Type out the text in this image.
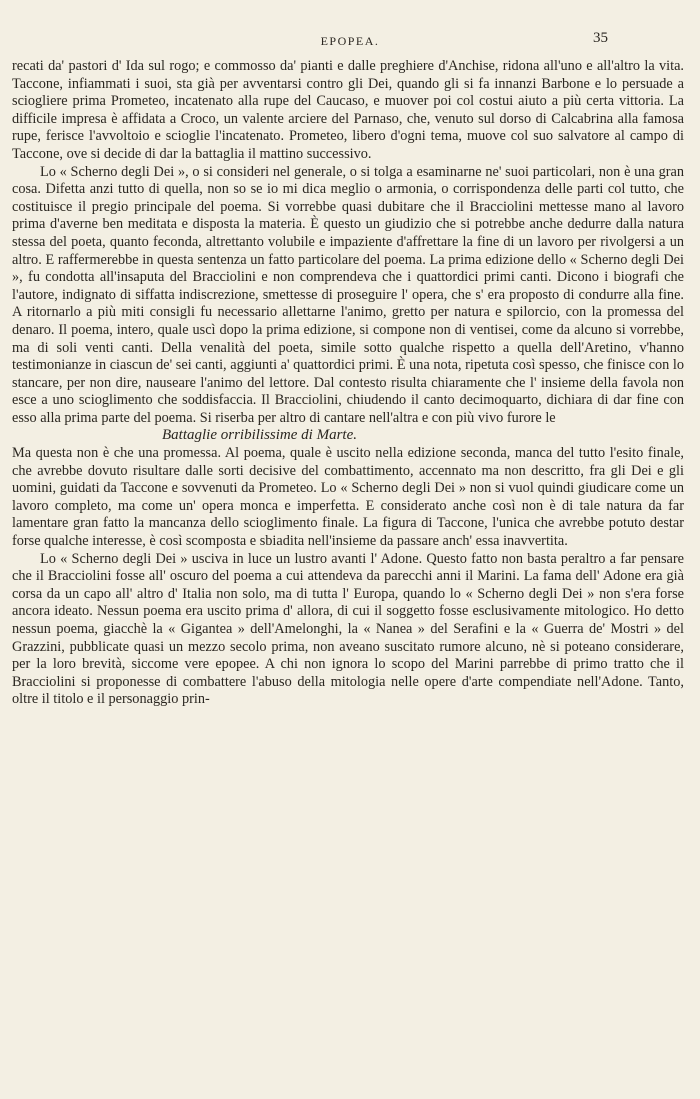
EPOPEA.	35

recati da' pastori d' Ida sul rogo; e commosso da' pianti e dalle preghiere d'Anchise, ridona all'uno e all'altro la vita. Taccone, infiammati i suoi, sta già per avventarsi contro gli Dei, quando gli si fa innanzi Barbone e lo persuade a sciogliere prima Prometeo, incatenato alla rupe del Caucaso, e muover poi col costui aiuto a più certa vittoria. La difficile impresa è affidata a Croco, un valente arciere del Parnaso, che, venuto sul dorso di Calcabrina alla famosa rupe, ferisce l'avvoltoio e scioglie l'incatenato. Prometeo, libero d'ogni tema, muove col suo salvatore al campo di Taccone, ove si decide di dar la battaglia il mattino successivo.

Lo « Scherno degli Dei », o si consideri nel generale, o si tolga a esaminarne ne' suoi particolari, non è una gran cosa. Difetta anzi tutto di quella, non so se io mi dica meglio o armonia, o corrispondenza delle parti col tutto, che costituisce il pregio principale del poema. Si vorrebbe quasi dubitare che il Bracciolini mettesse mano al lavoro prima d'averne ben meditata e disposta la materia. È questo un giudizio che si potrebbe anche dedurre dalla natura stessa del poeta, quanto feconda, altrettanto volubile e impaziente d'affrettare la fine di un lavoro per rivolgersi a un altro. E raffermerebbe in questa sentenza un fatto particolare del poema. La prima edizione dello « Scherno degli Dei », fu condotta all'insaputa del Bracciolini e non comprendeva che i quattordici primi canti. Dicono i biografi che l'autore, indignato di siffatta indiscrezione, smettesse di proseguire l' opera, che s' era proposto di condurre alla fine. A ritornarlo a più miti consigli fu necessario allettarne l'animo, gretto per natura e spilorcio, con la promessa del denaro. Il poema, intero, quale uscì dopo la prima edizione, si compone non di ventisei, come da alcuno si vorrebbe, ma di soli venti canti. Della venalità del poeta, simile sotto qualche rispetto a quella dell'Aretino, v'hanno testimonianze in ciascun de' sei canti, aggiunti a' quattordici primi. È una nota, ripetuta così spesso, che finisce con lo stancare, per non dire, nauseare l'animo del lettore. Dal contesto risulta chiaramente che l' insieme della favola non esce a uno scioglimento che soddisfaccia. Il Bracciolini, chiudendo il canto decimoquarto, dichiara di dar fine con esso alla prima parte del poema. Si riserba per altro di cantare nell'altra e con più vivo furore le

Battaglie orribilissime di Marte.

Ma questa non è che una promessa. Al poema, quale è uscito nella edizione seconda, manca del tutto l'esito finale, che avrebbe dovuto risultare dalle sorti decisive del combattimento, accennato ma non descritto, fra gli Dei e gli uomini, guidati da Taccone e sovvenuti da Prometeo. Lo « Scherno degli Dei » non si vuol quindi giudicare come un lavoro completo, ma come un' opera monca e imperfetta. E considerato anche così non è di tale natura da far lamentare gran fatto la mancanza dello scioglimento finale. La figura di Taccone, l'unica che avrebbe potuto destar forse qualche interesse, è così scomposta e sbiadita nell'insieme da passare anch' essa inavvertita.

Lo « Scherno degli Dei » usciva in luce un lustro avanti l' Adone. Questo fatto non basta peraltro a far pensare che il Bracciolini fosse all' oscuro del poema a cui attendeva da parecchi anni il Marini. La fama dell' Adone era già corsa da un capo all' altro d' Italia non solo, ma di tutta l' Europa, quando lo « Scherno degli Dei » non s'era forse ancora ideato. Nessun poema era uscito prima d' allora, di cui il soggetto fosse esclusivamente mitologico. Ho detto nessun poema, giacchè la « Gigantea » dell'Amelonghi, la « Nanea » del Serafini e la « Guerra de' Mostri » del Grazzini, pubblicate quasi un mezzo secolo prima, non aveano suscitato rumore alcuno, nè si poteano considerare, per la loro brevità, siccome vere epopee. A chi non ignora lo scopo del Marini parrebbe di primo tratto che il Bracciolini si proponesse di combattere l'abuso della mitologia nelle opere d'arte compendiate nell'Adone. Tanto, oltre il titolo e il personaggio prin-
